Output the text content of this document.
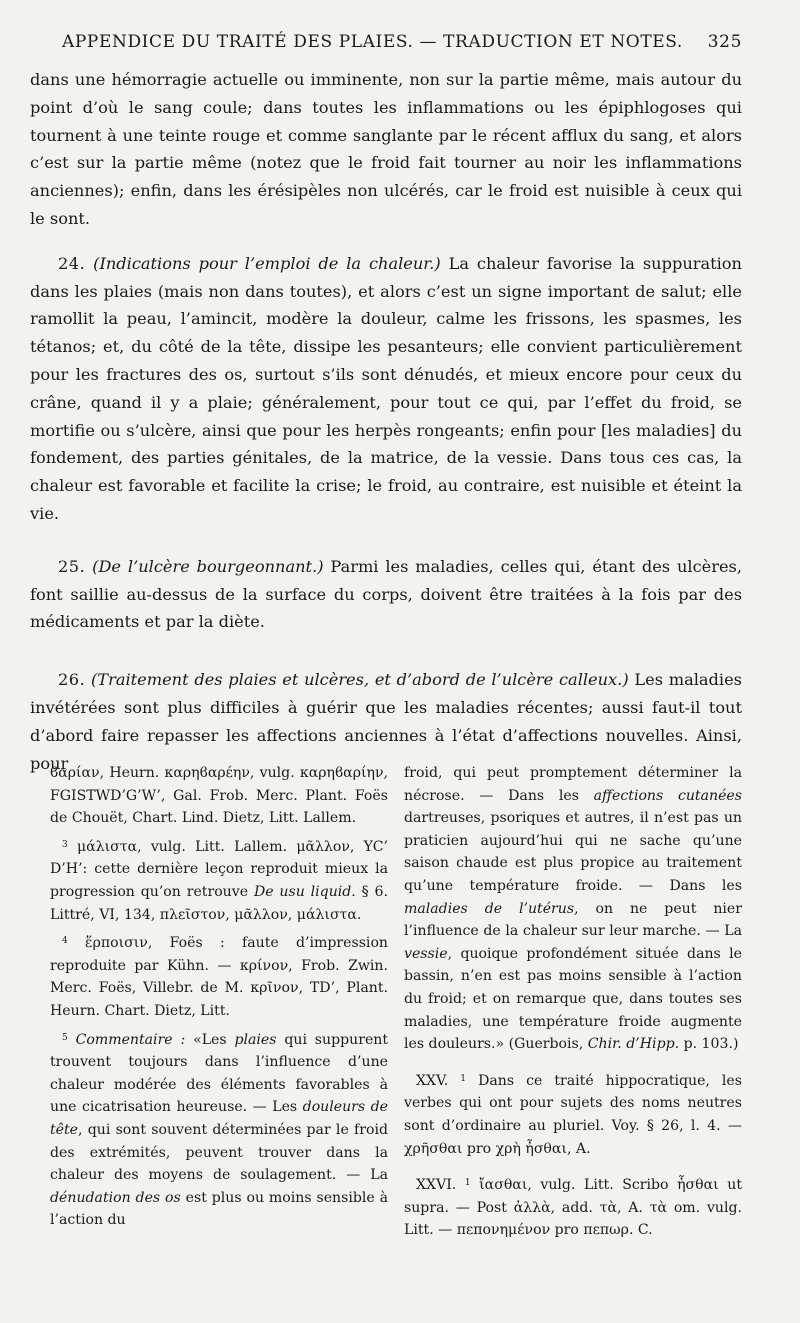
APPENDICE DU TRAITÉ DES PLAIES. — TRADUCTION ET NOTES. 325

dans une hémorragie actuelle ou imminente, non sur la partie même, mais autour du point d’où le sang coule; dans toutes les inflammations ou les épiphlogoses qui tournent à une teinte rouge et comme sanglante par le récent afflux du sang, et alors c’est sur la partie même (notez que le froid fait tourner au noir les inflammations anciennes); enfin, dans les érésipèles non ulcérés, car le froid est nuisible à ceux qui le sont.

24. (Indications pour l’emploi de la chaleur.) La chaleur favorise la suppuration dans les plaies (mais non dans toutes), et alors c’est un signe important de salut; elle ramollit la peau, l’amincit, modère la douleur, calme les frissons, les spasmes, les tétanos; et, du côté de la tête, dissipe les pesanteurs; elle convient particulièrement pour les fractures des os, surtout s’ils sont dénudés, et mieux encore pour ceux du crâne, quand il y a plaie; généralement, pour tout ce qui, par l’effet du froid, se mortifie ou s’ulcère, ainsi que pour les herpès rongeants; enfin pour [les maladies] du fondement, des parties génitales, de la matrice, de la vessie. Dans tous ces cas, la chaleur est favorable et facilite la crise; le froid, au contraire, est nuisible et éteint la vie.

25. (De l’ulcère bourgeonnant.) Parmi les maladies, celles qui, étant des ulcères, font saillie au-dessus de la surface du corps, doivent être traitées à la fois par des médicaments et par la diète.

26. (Traitement des plaies et ulcères, et d’abord de l’ulcère calleux.) Les maladies invétérées sont plus difficiles à guérir que les maladies récentes; aussi faut-il tout d’abord faire repasser les affections anciennes à l’état d’affections nouvelles. Ainsi, pour

ϐαρίαν, Heurn. καρηϐαρέην, vulg. καρηϐαρίην, FGISTWD’G’W’, Gal. Frob. Merc. Plant. Foës de Chouët, Chart. Lind. Dietz, Litt. Lallem.

$^3$ μάλιστα, vulg. Litt. Lallem. μᾶλλον, YC’ D’H’: cette dernière leçon reproduit mieux la progression qu’on retrouve De usu liquid. § 6. Littré, VI, 134, πλεῖστον, μᾶλλον, μάλιστα.

$^4$ ἕρποισιν, Foës : faute d’impression reproduite par Kühn. — κρίνον, Frob. Zwin. Merc. Foës, Villebr. de M. κρῖνον, TD’, Plant. Heurn. Chart. Dietz, Litt.

$^5$ Commentaire : «Les plaies qui suppurent trouvent toujours dans l’influence d’une chaleur modérée des éléments favorables à une cicatrisation heureuse. — Les douleurs de tête, qui sont souvent déterminées par le froid des extrémités, peuvent trouver dans la chaleur des moyens de soulagement. — La dénudation des os est plus ou moins sensible à l’action du

froid, qui peut promptement déterminer la nécrose. — Dans les affections cutanées dartreuses, psoriques et autres, il n’est pas un praticien aujourd’hui qui ne sache qu’une saison chaude est plus propice au traitement qu’une température froide. — Dans les maladies de l’utérus, on ne peut nier l’influence de la chaleur sur leur marche. — La vessie, quoique profondément située dans le bassin, n’en est pas moins sensible à l’action du froid; et on remarque que, dans toutes ses maladies, une température froide augmente les douleurs.» (Guerbois, Chir. d’Hipp. p. 103.)

XXV. $^1$ Dans ce traité hippocratique, les verbes qui ont pour sujets des noms neutres sont d’ordinaire au pluriel. Voy. § 26, l. 4. — χρῆσθαι pro χρὴ ἦσθαι, A.

XXVI. $^1$ ἴασθαι, vulg. Litt. Scribo ἦσθαι ut supra. — Post ἀλλὰ, add. τὰ, A. τὰ om. vulg. Litt. — πεπονημένον pro πεπωρ. C.
